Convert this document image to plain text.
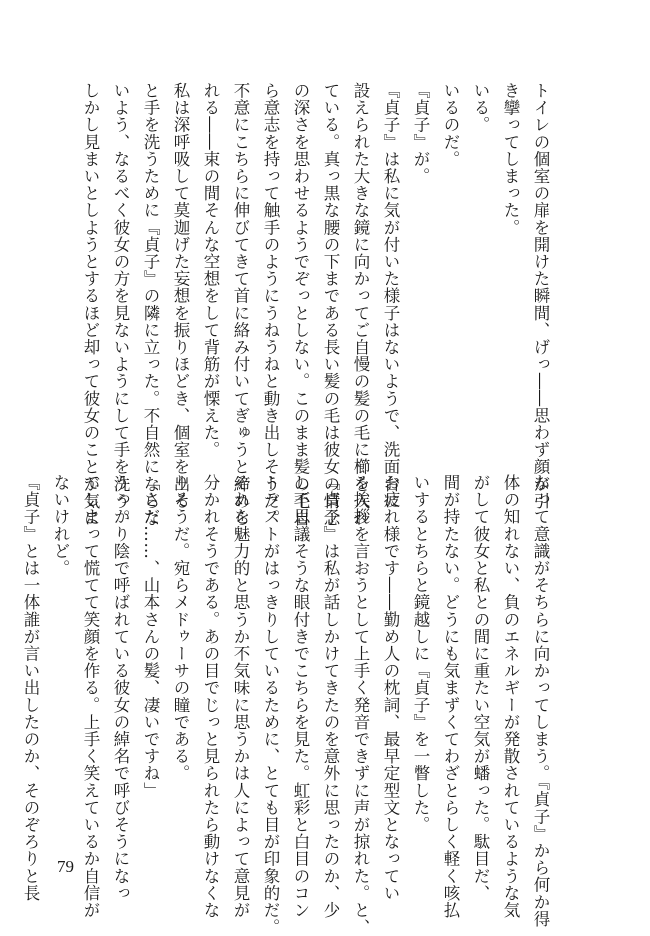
トイレの個室の扉を開けた瞬間、げっ――思わず顔が引
き攣ってしまった。
いる。
いるのだ。
『貞子』が。
『貞子』は私に気が付いた様子はないようで、洗面台に
設えられた大きな鏡に向かってご自慢の髪の毛に櫛を入れ
ている。真っ黒な腰の下まである長い髪の毛は彼女の情念
の深さを思わせるようでぞっとしない。このまま髪の毛自
ら意志を持って触手のようにうねうねと動き出しそうだ。
不意にこちらに伸びてきて首に絡み付いてぎゅうと締めら
れる――束の間そんな空想をして背筋が慄えた。
私は深呼吸して莫迦げた妄想を振りほどき、個室を出る
と手を洗うために『貞子』の隣に立った。不自然にならな
いよう、なるべく彼女の方を見ないようにして手を洗う。
しかし見まいとしようとするほど却って彼女のことが気に
なって意識がそちらに向かってしまう。『貞子』から何か得
体の知れない、負のエネルギーが発散されているような気
がして彼女と私との間に重たい空気が蟠った。駄目だ、
間が持たない。どうにも気まずくてわざとらしく軽く咳払
いするとちらと鏡越しに『貞子』を一瞥した。
お疲れ様です――勤め人の枕詞、最早定型文となってい
る挨拶を言おうとして上手く発音できずに声が掠れた。と、
『貞子』は私が話しかけてきたのを意外に思ったのか、少
し不思議そうな眼付きでこちらを見た。虹彩と白目のコン
トラストがはっきりしているために、とても目が印象的だ。
それを魅力的と思うか不気味に思うかは人によって意見が
分かれそうである。あの目でじっと見られたら動けなくな
りそうだ。宛らメドゥーサの瞳である。
「さだ……、山本さんの髪、凄いですね」
うっかり陰で呼ばれている彼女の綽名で呼びそうになっ
てしまって慌てて笑顔を作る。上手く笑えているか自信が
ないけれど。
『貞子』とは一体誰が言い出したのか、そのぞろりと長 79
